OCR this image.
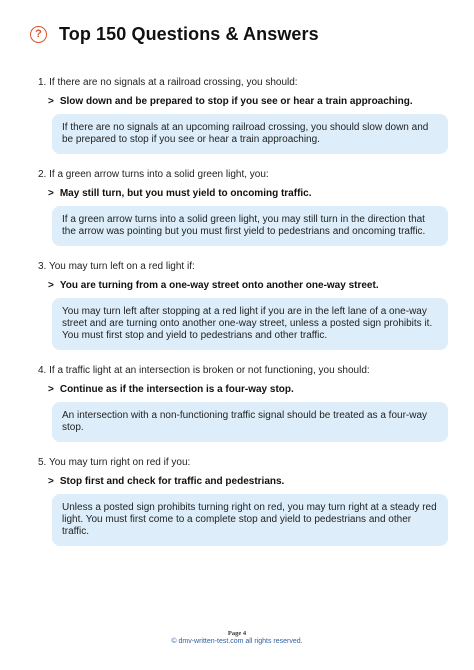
? Top 150 Questions & Answers

1. If there are no signals at a railroad crossing, you should:

> Slow down and be prepared to stop if you see or hear a train approaching.
If there are no signals at an upcoming railroad crossing, you should slow down and be prepared to stop if you see or hear a train approaching.

2. If a green arrow turns into a solid green light, you:

> May still turn, but you must yield to oncoming traffic.
If a green arrow turns into a solid green light, you may still turn in the direction that the arrow was pointing but you must first yield to pedestrians and oncoming traffic.

3. You may turn left on a red light if:

> You are turning from a one-way street onto another one-way street.
You may turn left after stopping at a red light if you are in the left lane of a one-way street and are turning onto another one-way street, unless a posted sign prohibits it. You must first stop and yield to pedestrians and other traffic.

4. If a traffic light at an intersection is broken or not functioning, you should:

> Continue as if the intersection is a four-way stop.
An intersection with a non-functioning traffic signal should be treated as a four-way stop.

5. You may turn right on red if you:

> Stop first and check for traffic and pedestrians.
Unless a posted sign prohibits turning right on red, you may turn right at a steady red light. You must first come to a complete stop and yield to pedestrians and other traffic.
Page 4
© dmv-written-test.com all rights reserved.
